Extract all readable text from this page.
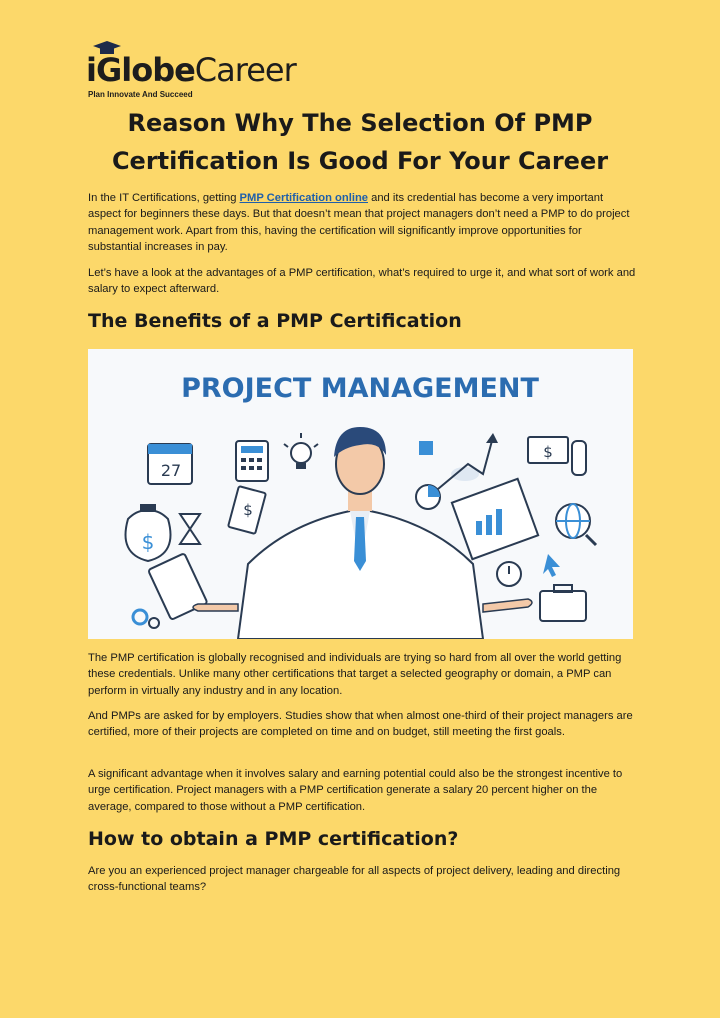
iGlobeCareer
Plan Innovate And Succeed
Reason Why The Selection Of PMP Certification Is Good For Your Career

In the IT Certifications, getting PMP Certification online and its credential has become a very important aspect for beginners these days. But that doesn’t mean that project managers don’t need a PMP to do project management work. Apart from this, having the certification will significantly improve opportunities for substantial increases in pay.

Let’s have a look at the advantages of a PMP certification, what’s required to urge it, and what sort of work and salary to expect afterward.

The Benefits of a PMP Certification
PROJECT MANAGEMENT
27
$
$
$

The PMP certification is globally recognised and individuals are trying so hard from all over the world getting these credentials. Unlike many other certifications that target a selected geography or domain, a PMP can perform in virtually any industry and in any location.

And PMPs are asked for by employers. Studies show that when almost one-third of their project managers are certified, more of their projects are completed on time and on budget, still meeting the first goals.

A significant advantage when it involves salary and earning potential could also be the strongest incentive to urge certification. Project managers with a PMP certification generate a salary 20 percent higher on the average, compared to those without a PMP certification.

How to obtain a PMP certification?

Are you an experienced project manager chargeable for all aspects of project delivery, leading and directing cross-functional teams?
